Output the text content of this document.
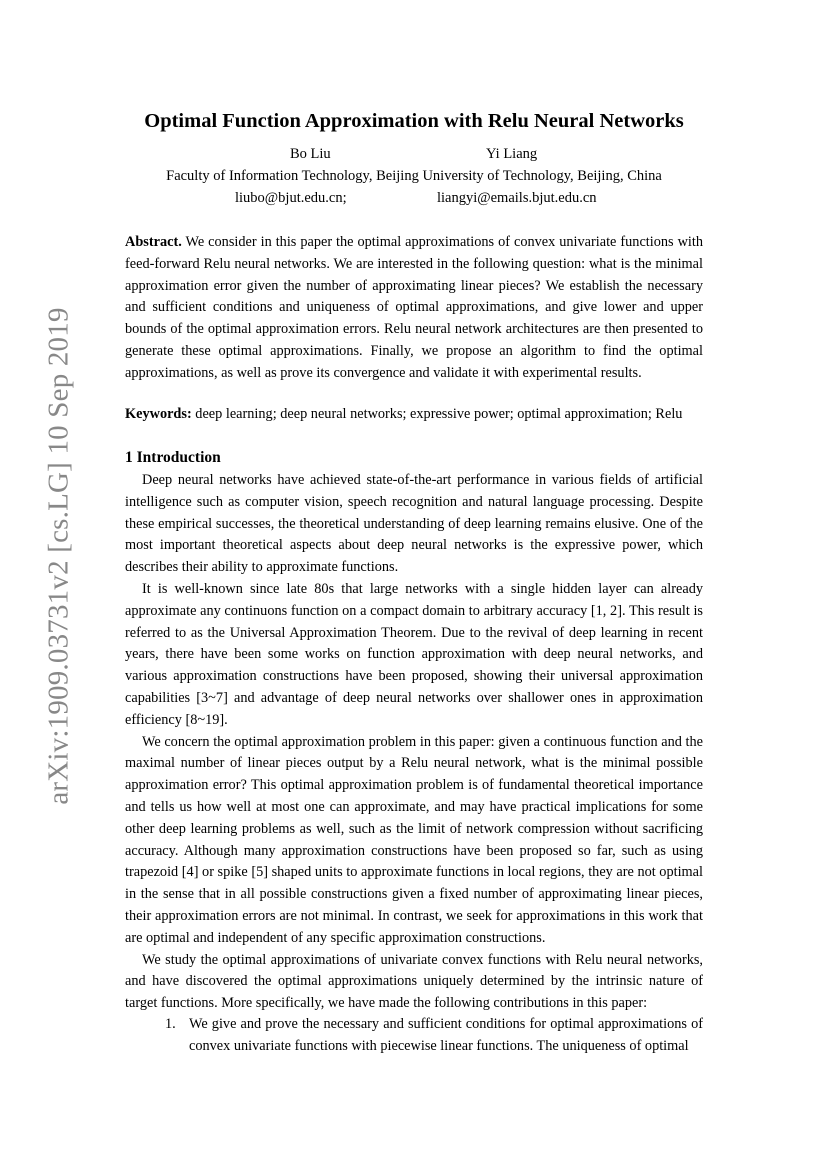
arXiv:1909.03731v2 [cs.LG] 10 Sep 2019
Optimal Function Approximation with Relu Neural Networks
Bo Liu	Yi Liang
Faculty of Information Technology, Beijing University of Technology, Beijing, China
liubo@bjut.edu.cn;	liangyi@emails.bjut.edu.cn

Abstract. We consider in this paper the optimal approximations of convex univariate functions with feed-forward Relu neural networks. We are interested in the following question: what is the minimal approximation error given the number of approximating linear pieces? We establish the necessary and sufficient conditions and uniqueness of optimal approximations, and give lower and upper bounds of the optimal approximation errors. Relu neural network architectures are then presented to generate these optimal approximations. Finally, we propose an algorithm to find the optimal approximations, as well as prove its convergence and validate it with experimental results.

Keywords: deep learning; deep neural networks; expressive power; optimal approximation; Relu

1 Introduction

Deep neural networks have achieved state-of-the-art performance in various fields of artificial intelligence such as computer vision, speech recognition and natural language processing. Despite these empirical successes, the theoretical understanding of deep learning remains elusive. One of the most important theoretical aspects about deep neural networks is the expressive power, which describes their ability to approximate functions.

It is well-known since late 80s that large networks with a single hidden layer can already approximate any continuons function on a compact domain to arbitrary accuracy [1, 2]. This result is referred to as the Universal Approximation Theorem. Due to the revival of deep learning in recent years, there have been some works on function approximation with deep neural networks, and various approximation constructions have been proposed, showing their universal approximation capabilities [3~7] and advantage of deep neural networks over shallower ones in approximation efficiency [8~19].

We concern the optimal approximation problem in this paper: given a continuous function and the maximal number of linear pieces output by a Relu neural network, what is the minimal possible approximation error? This optimal approximation problem is of fundamental theoretical importance and tells us how well at most one can approximate, and may have practical implications for some other deep learning problems as well, such as the limit of network compression without sacrificing accuracy. Although many approximation constructions have been proposed so far, such as using trapezoid [4] or spike [5] shaped units to approximate functions in local regions, they are not optimal in the sense that in all possible constructions given a fixed number of approximating linear pieces, their approximation errors are not minimal. In contrast, we seek for approximations in this work that are optimal and independent of any specific approximation constructions.

We study the optimal approximations of univariate convex functions with Relu neural networks, and have discovered the optimal approximations uniquely determined by the intrinsic nature of target functions. More specifically, we have made the following contributions in this paper:

1. We give and prove the necessary and sufficient conditions for optimal approximations of convex univariate functions with piecewise linear functions. The uniqueness of optimal
